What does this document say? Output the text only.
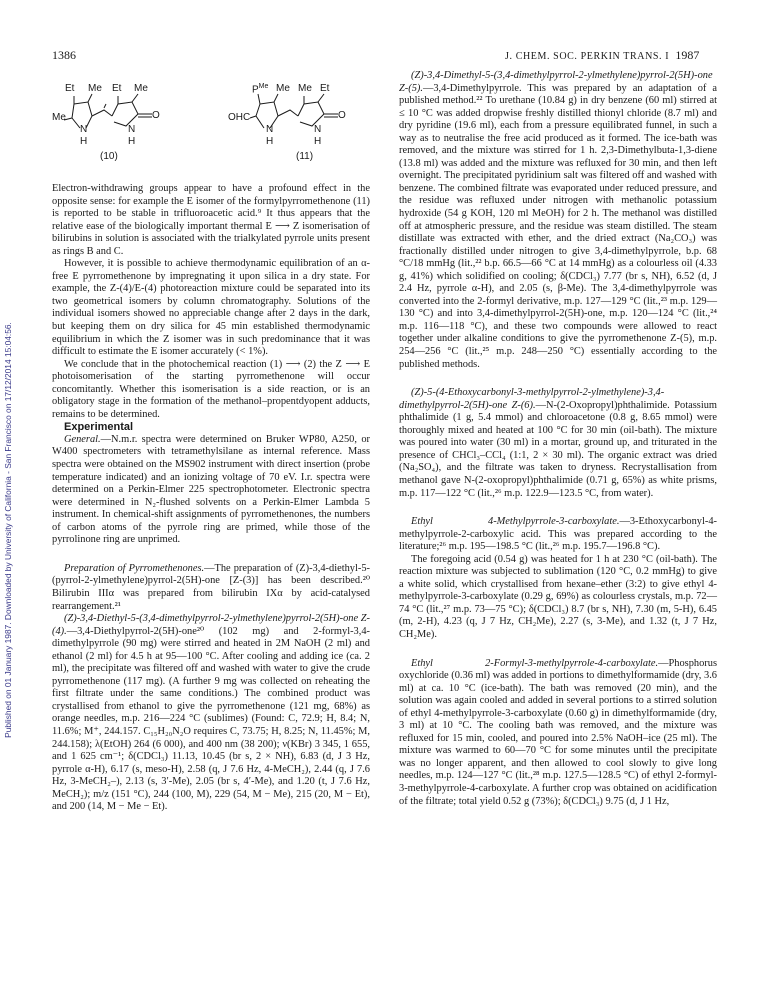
1386	J. CHEM. SOC. PERKIN TRANS. I 1987
Published on 01 January 1987. Downloaded by University of California - San Francisco on 17/12/2014 15:04:56.
Et Me Et Me
Me
N
H
N
H
O
(10)
$P^{Me}$ Me Me Et
OHC
N
H
N
H
O
(11)

Electron-withdrawing groups appear to have a profound effect in the opposite sense: for example the E isomer of the formylpyrromethenone (11) is reported to be stable in trifluoroacetic acid.⁹ It thus appears that the relative ease of the biologically important thermal E ⟶ Z isomerisation of bilirubins in solution is associated with the trialkylated pyrrole units present as rings B and C.

However, it is possible to achieve thermodynamic equilibration of an α-free E pyrromethenone by impregnating it upon silica in a dry state. For example, the Z-(4)/E-(4) photoreaction mixture could be separated into its two geometrical isomers by column chromatography. Solutions of the individual isomers showed no appreciable change after 2 days in the dark, but keeping them on dry silica for 45 min established thermodynamic equilibrium in which the Z isomer was in such predominance that it was difficult to estimate the E isomer accurately (< 1%).

We conclude that in the photochemical reaction (1) ⟶ (2) the Z ⟶ E photoisomerisation of the starting pyrromethenone will occur concomitantly. Whether this isomerisation is a side reaction, or is an obligatory stage in the formation of the methanol–propentdyopent adducts, remains to be determined.

Experimental

General.—N.m.r. spectra were determined on Bruker WP80, A250, or W400 spectrometers with tetramethylsilane as internal reference. Mass spectra were obtained on the MS902 instrument with direct insertion (probe temperature indicated) and an ionizing voltage of 70 eV. I.r. spectra were determined on a Perkin-Elmer 225 spectrophotometer. Electronic spectra were determined in N₂-flushed solvents on a Perkin-Elmer Lambda 5 instrument. In chemical-shift assignments of pyrromethenones, the numbers of carbon atoms of the pyrrole ring are primed, while those of the pyrrolinone ring are unprimed.

Preparation of Pyrromethenones.—The preparation of (Z)-3,4-diethyl-5-(pyrrol-2-ylmethylene)pyrrol-2(5H)-one [Z-(3)] has been described.²⁰ Bilirubin IIIα was prepared from bilirubin IXα by acid-catalysed rearrangement.²¹

(Z)-3,4-Diethyl-5-(3,4-dimethylpyrrol-2-ylmethylene)pyrrol-2(5H)-one Z-(4).—3,4-Diethylpyrrol-2(5H)-one²⁰ (102 mg) and 2-formyl-3,4-dimethylpyrrole (90 mg) were stirred and heated in 2M NaOH (2 ml) and ethanol (2 ml) for 4.5 h at 95—100 °C. After cooling and adding ice (ca. 2 ml), the precipitate was filtered off and washed with water to give the crude pyrromethenone (117 mg). (A further 9 mg was collected on reheating the first filtrate under the same conditions.) The combined product was crystallised from ethanol to give the pyrromethenone (121 mg, 68%) as orange needles, m.p. 216—224 °C (sublimes) (Found: C, 72.9; H, 8.4; N, 11.6%; M⁺, 244.157. C₁₅H₂₀N₂O requires C, 73.75; H, 8.25; N, 11.45%; M, 244.158); λ(EtOH) 264 (6 000), and 400 nm (38 200); ν(KBr) 3 345, 1 655, and 1 625 cm⁻¹; δ(CDCl₃) 11.13, 10.45 (br s, 2 × NH), 6.83 (d, J 3 Hz, pyrrole α-H), 6.17 (s, meso-H), 2.58 (q, J 7.6 Hz, 4-MeCH₂), 2.44 (q, J 7.6 Hz, 3-MeCH₂–), 2.13 (s, 3′-Me), 2.05 (br s, 4′-Me), and 1.20 (t, J 7.6 Hz, MeCH₂); m/z (151 °C), 244 (100, M), 229 (54, M − Me), 215 (20, M − Et), and 200 (14, M − Me − Et).

(Z)-3,4-Dimethyl-5-(3,4-dimethylpyrrol-2-ylmethylene)pyrrol-2(5H)-one Z-(5).—3,4-Dimethylpyrrole. This was prepared by an adaptation of a published method.²² To urethane (10.84 g) in dry benzene (60 ml) stirred at ≤ 10 °C was added dropwise freshly distilled thionyl chloride (8.7 ml) and dry pyridine (19.6 ml), each from a pressure equilibrated funnel, in such a way as to neutralise the free acid produced as it formed. The ice-bath was removed, and the mixture was stirred for 1 h. 2,3-Dimethylbuta-1,3-diene (13.8 ml) was added and the mixture was refluxed for 30 min, and then left overnight. The precipitated pyridinium salt was filtered off and washed with benzene. The combined filtrate was evaporated under reduced pressure, and the residue was refluxed under nitrogen with methanolic potassium hydroxide (54 g KOH, 120 ml MeOH) for 2 h. The methanol was distilled off at atmospheric pressure, and the residue was steam distilled. The steam distillate was extracted with ether, and the dried extract (Na₂CO₃) was fractionally distilled under nitrogen to give 3,4-dimethylpyrrole, b.p. 68 °C/18 mmHg (lit.,²² b.p. 66.5—66 °C at 14 mmHg) as a colourless oil (4.33 g, 41%) which solidified on cooling; δ(CDCl₃) 7.77 (br s, NH), 6.52 (d, J 2.4 Hz, pyrrole α-H), and 2.05 (s, β-Me). The 3,4-dimethylpyrrole was converted into the 2-formyl derivative, m.p. 127—129 °C (lit.,²³ m.p. 129—130 °C) and into 3,4-dimethylpyrrol-2(5H)-one, m.p. 120—124 °C (lit.,²⁴ m.p. 116—118 °C), and these two compounds were allowed to react together under alkaline conditions to give the pyrromethenone Z-(5), m.p. 254—256 °C (lit.,²⁵ m.p. 248—250 °C) essentially according to the published methods.

(Z)-5-(4-Ethoxycarbonyl-3-methylpyrrol-2-ylmethylene)-3,4-dimethylpyrrol-2(5H)-one Z-(6).—N-(2-Oxopropyl)phthalimide. Potassium phthalimide (1 g, 5.4 mmol) and chloroacetone (0.8 g, 8.65 mmol) were thoroughly mixed and heated at 100 °C for 30 min (oil-bath). The mixture was poured into water (30 ml) in a mortar, ground up, and triturated in the presence of CHCl₃–CCl₄ (1:1, 2 × 30 ml). The organic extract was dried (Na₂SO₄), and the filtrate was taken to dryness. Recrystallisation from methanol gave N-(2-oxopropyl)phthalimide (0.71 g, 65%) as white prisms, m.p. 117—122 °C (lit.,²⁶ m.p. 122.9—123.5 °C, from water).

Ethyl 4-Methylpyrrole-3-carboxylate.—3-Ethoxycarbonyl-4-methylpyrrole-2-carboxylic acid. This was prepared according to the literature;²⁶ m.p. 195—198.5 °C (lit.,²⁶ m.p. 195.7—196.8 °C).

The foregoing acid (0.54 g) was heated for 1 h at 230 °C (oil-bath). The reaction mixture was subjected to sublimation (120 °C, 0.2 mmHg) to give a white solid, which crystallised from hexane–ether (3:2) to give ethyl 4-methylpyrrole-3-carboxylate (0.29 g, 69%) as colourless crystals, m.p. 72—74 °C (lit.,²⁷ m.p. 73—75 °C); δ(CDCl₃) 8.7 (br s, NH), 7.30 (m, 5-H), 6.45 (m, 2-H), 4.23 (q, J 7 Hz, CH₂Me), 2.27 (s, 3-Me), and 1.32 (t, J 7 Hz, CH₂Me).

Ethyl 2-Formyl-3-methylpyrrole-4-carboxylate.—Phosphorus oxychloride (0.36 ml) was added in portions to dimethylformamide (dry, 3.6 ml) at ca. 10 °C (ice-bath). The bath was removed (20 min), and the solution was again cooled and added in several portions to a stirred solution of ethyl 4-methylpyrrole-3-carboxylate (0.60 g) in dimethylformamide (dry, 3 ml) at 10 °C. The cooling bath was removed, and the mixture was refluxed for 15 min, cooled, and poured into 2.5% NaOH–ice (25 ml). The mixture was warmed to 60—70 °C for some minutes until the precipitate was no longer apparent, and then allowed to cool slowly to give long needles, m.p. 124—127 °C (lit.,²⁸ m.p. 127.5—128.5 °C) of ethyl 2-formyl-3-methylpyrrole-4-carboxylate. A further crop was obtained on acidification of the filtrate; total yield 0.52 g (73%); δ(CDCl₃) 9.75 (d, J 1 Hz,
